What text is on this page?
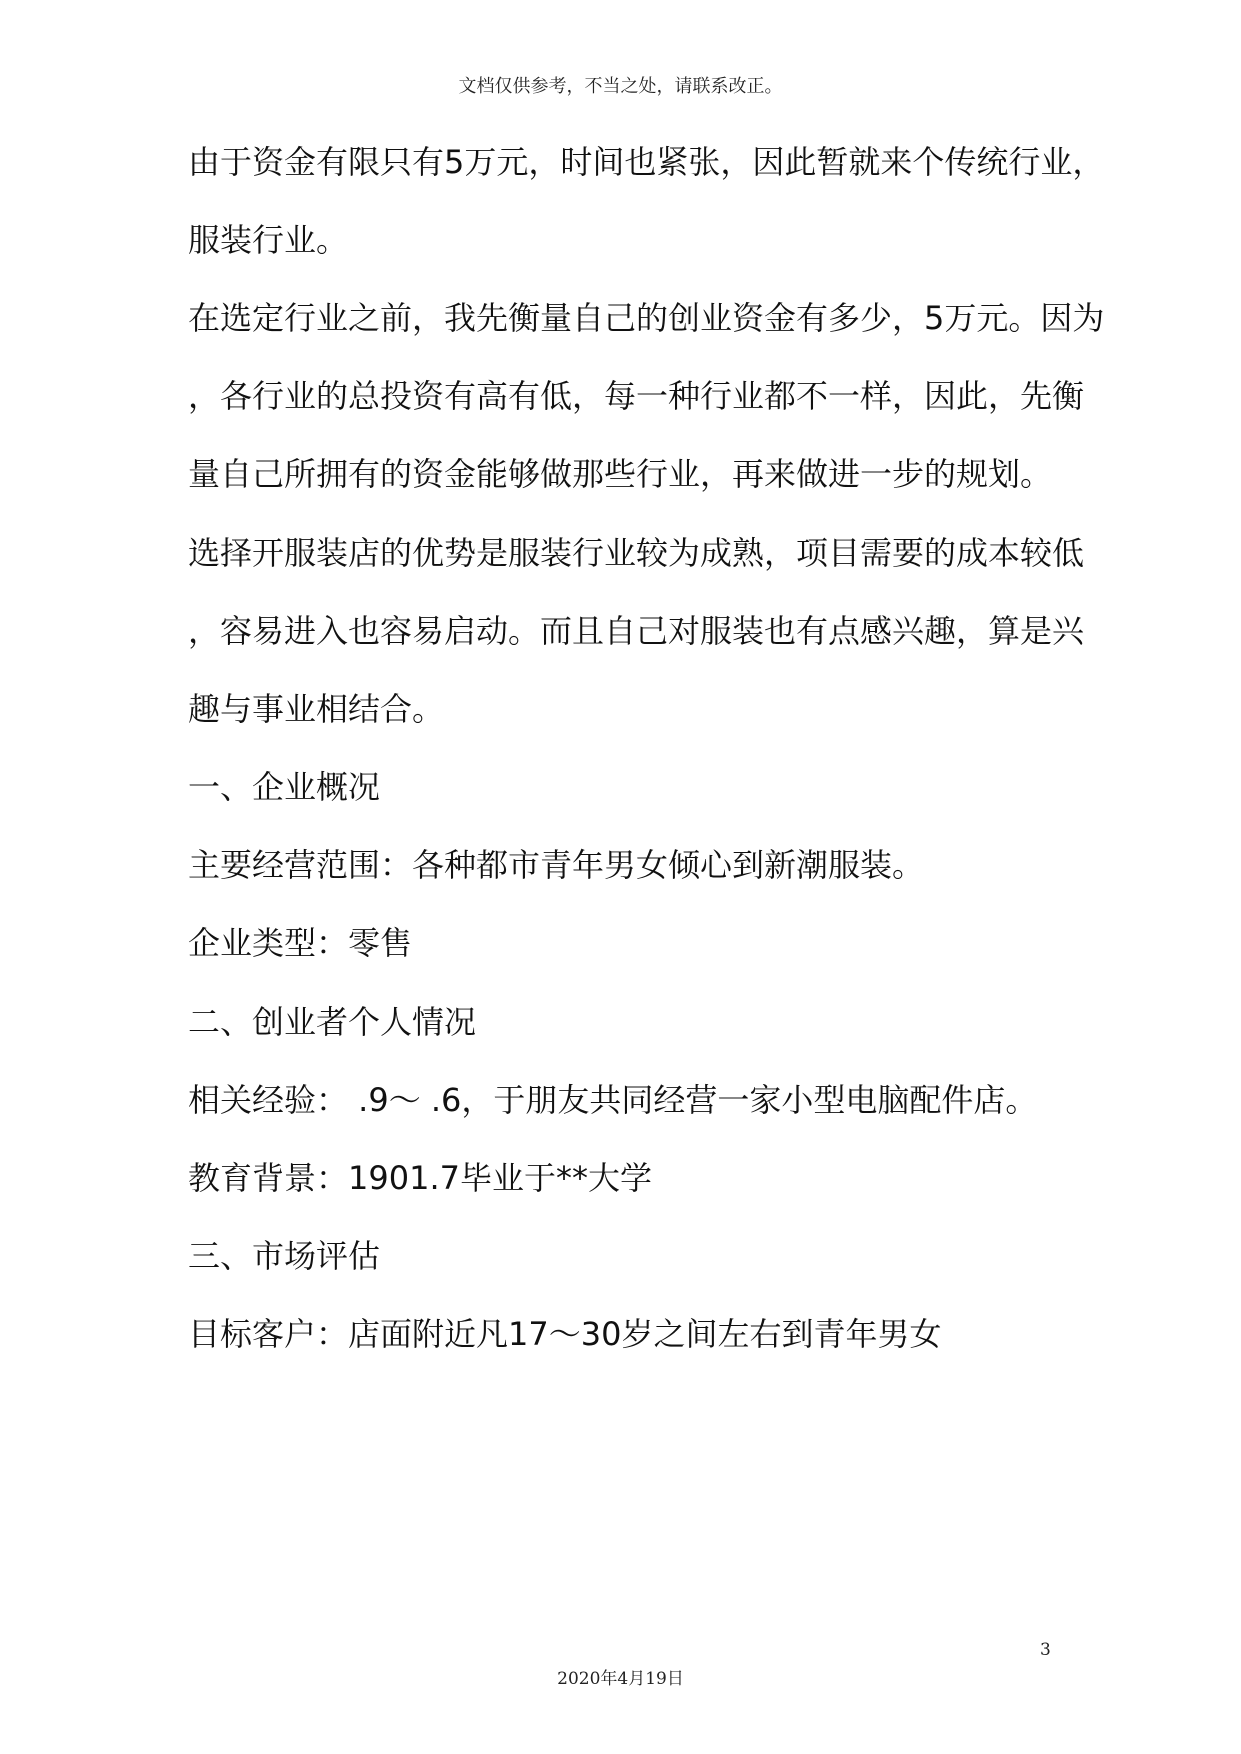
文档仅供参考，不当之处，请联系改正。
由于资金有限只有5万元，时间也紧张，因此暂就来个传统行业，
服装行业。
在选定行业之前，我先衡量自己的创业资金有多少，5万元。因为
，各行业的总投资有高有低，每一种行业都不一样，因此，先衡
量自己所拥有的资金能够做那些行业，再来做进一步的规划。
选择开服装店的优势是服装行业较为成熟，项目需要的成本较低
，容易进入也容易启动。而且自己对服装也有点感兴趣，算是兴
趣与事业相结合。
一、企业概况
主要经营范围：各种都市青年男女倾心到新潮服装。
企业类型：零售
二、创业者个人情况
相关经验： .9～ .6，于朋友共同经营一家小型电脑配件店。
教育背景：1901.7毕业于**大学
三、市场评估
目标客户：店面附近凡17～30岁之间左右到青年男女
3
2020年4月19日
